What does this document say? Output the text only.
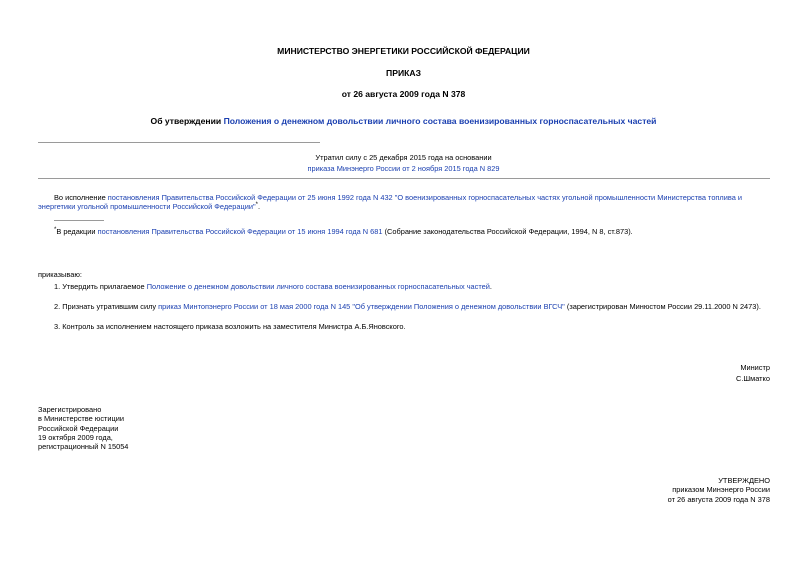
МИНИСТЕРСТВО ЭНЕРГЕТИКИ РОССИЙСКОЙ ФЕДЕРАЦИИ
ПРИКАЗ
от 26 августа 2009 года N 378
Об утверждении Положения о денежном довольствии личного состава военизированных горноспасательных частей
Утратил силу с 25 декабря 2015 года на основании
приказа Минэнерго России от 2 ноября 2015 года N 829
Во исполнение постановления Правительства Российской Федерации от 25 июня 1992 года N 432 "О военизированных горноспасательных частях угольной промышленности Министерства топлива и энергетики угольной промышленности Российской Федерации"*.
*В редакции постановления Правительства Российской Федерации от 15 июня 1994 года N 681 (Собрание законодательства Российской Федерации, 1994, N 8, ст.873).
приказываю:
1. Утвердить прилагаемое Положение о денежном довольствии личного состава военизированных горноспасательных частей.
2. Признать утратившим силу приказ Минтопэнерго России от 18 мая 2000 года N 145 "Об утверждении Положения о денежном довольствии ВГСЧ" (зарегистрирован Минюстом России 29.11.2000 N 2473).
3. Контроль за исполнением настоящего приказа возложить на заместителя Министра А.Б.Яновского.
Министр
С.Шматко
Зарегистрировано
в Министерстве юстиции
Российской Федерации
19 октября 2009 года,
регистрационный N 15054
УТВЕРЖДЕНО
приказом Минэнерго России
от 26 августа 2009 года N 378
